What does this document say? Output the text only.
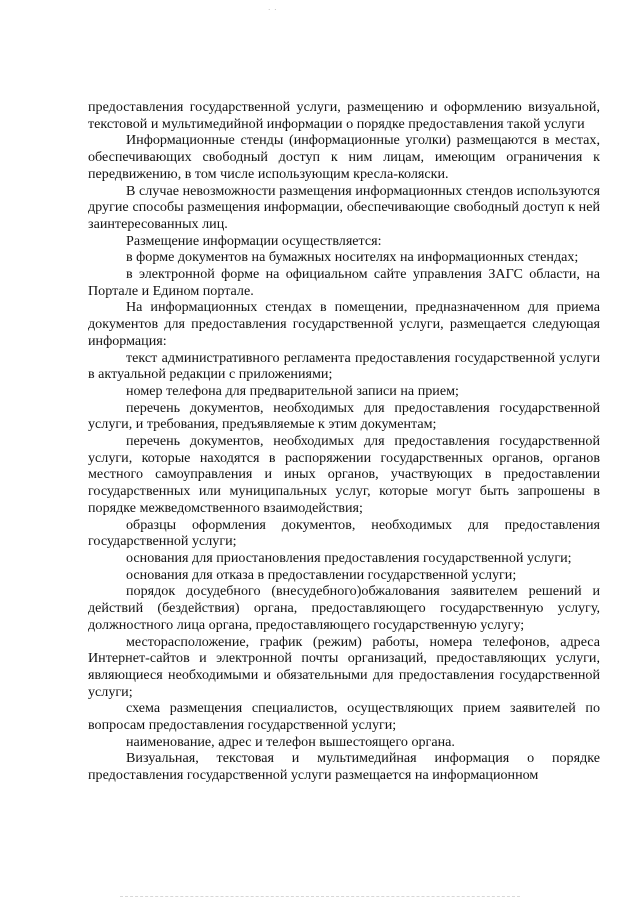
· ·

предоставления государственной услуги, размещению и оформлению визуальной, текстовой и мультимедийной информации о порядке предоставления такой услуги

Информационные стенды (информационные уголки) размещаются в местах, обеспечивающих свободный доступ к ним лицам, имеющим ограничения к передвижению, в том числе использующим кресла-коляски.

В случае невозможности размещения информационных стендов используются другие способы размещения информации, обеспечивающие свободный доступ к ней заинтересованных лиц.

Размещение информации осуществляется:

в форме документов на бумажных носителях на информационных стендах;

в электронной форме на официальном сайте управления ЗАГС области, на Портале и Едином портале.

На информационных стендах в помещении, предназначенном для приема документов для предоставления государственной услуги, размещается следующая информация:

текст административного регламента предоставления государственной услуги в актуальной редакции с приложениями;

номер телефона для предварительной записи на прием;

перечень документов, необходимых для предоставления государственной услуги, и требования, предъявляемые к этим документам;

перечень документов, необходимых для предоставления государственной услуги, которые находятся в распоряжении государственных органов, органов местного самоуправления и иных органов, участвующих в предоставлении государственных или муниципальных услуг, которые могут быть запрошены в порядке межведомственного взаимодействия;

образцы оформления документов, необходимых для предоставления государственной услуги;

основания для приостановления предоставления государственной услуги;

основания для отказа в предоставлении государственной услуги;

порядок досудебного (внесудебного)обжалования заявителем решений и действий (бездействия) органа, предоставляющего государственную услугу, должностного лица органа, предоставляющего государственную услугу;

месторасположение, график (режим) работы, номера телефонов, адреса Интернет-сайтов и электронной почты организаций, предоставляющих услуги, являющиеся необходимыми и обязательными для предоставления государственной услуги;

схема размещения специалистов, осуществляющих прием заявителей по вопросам предоставления государственной услуги;

наименование, адрес и телефон вышестоящего органа.

Визуальная, текстовая и мультимедийная информация о порядке предоставления государственной услуги размещается на информационном
